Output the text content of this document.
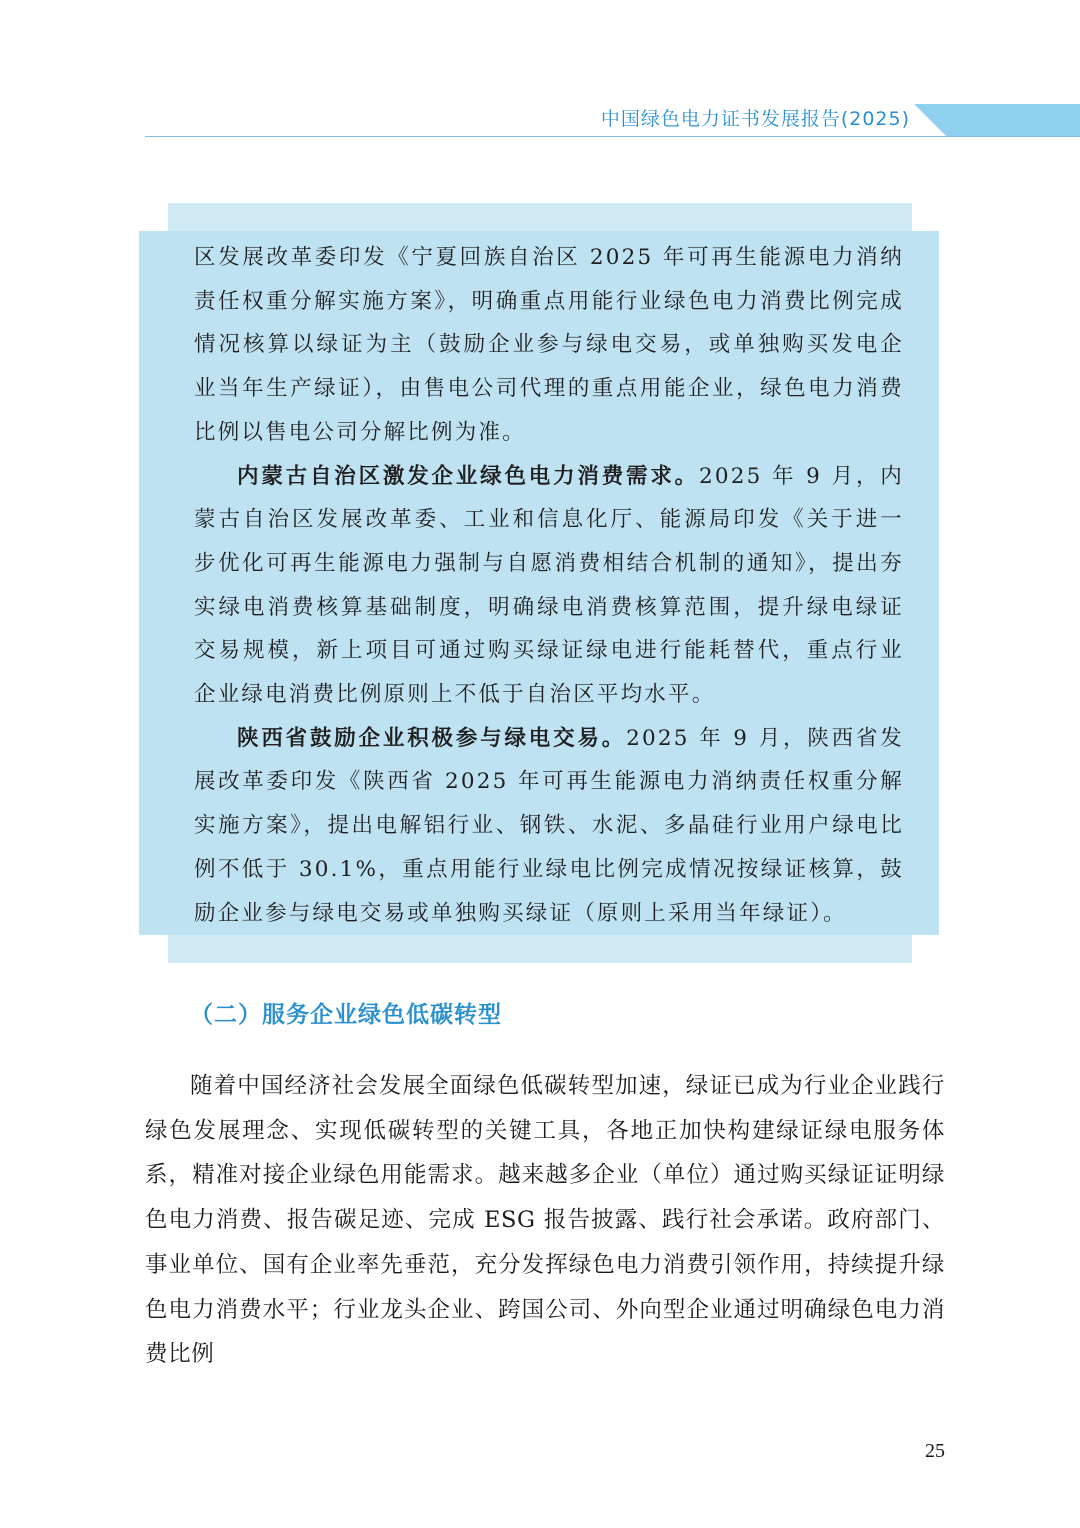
中国绿色电力证书发展报告(2025)

区发展改革委印发《宁夏回族自治区 2025 年可再生能源电力消纳责任权重分解实施方案》，明确重点用能行业绿色电力消费比例完成情况核算以绿证为主（鼓励企业参与绿电交易，或单独购买发电企业当年生产绿证），由售电公司代理的重点用能企业，绿色电力消费比例以售电公司分解比例为准。

内蒙古自治区激发企业绿色电力消费需求。2025 年 9 月，内蒙古自治区发展改革委、工业和信息化厅、能源局印发《关于进一步优化可再生能源电力强制与自愿消费相结合机制的通知》，提出夯实绿电消费核算基础制度，明确绿电消费核算范围，提升绿电绿证交易规模，新上项目可通过购买绿证绿电进行能耗替代，重点行业企业绿电消费比例原则上不低于自治区平均水平。

陕西省鼓励企业积极参与绿电交易。2025 年 9 月，陕西省发展改革委印发《陕西省 2025 年可再生能源电力消纳责任权重分解实施方案》，提出电解铝行业、钢铁、水泥、多晶硅行业用户绿电比例不低于 30.1%，重点用能行业绿电比例完成情况按绿证核算，鼓励企业参与绿电交易或单独购买绿证（原则上采用当年绿证）。

（二）服务企业绿色低碳转型
随着中国经济社会发展全面绿色低碳转型加速，绿证已成为行业企业践行绿色发展理念、实现低碳转型的关键工具，各地正加快构建绿证绿电服务体系，精准对接企业绿色用能需求。越来越多企业（单位）通过购买绿证证明绿色电力消费、报告碳足迹、完成 ESG 报告披露、践行社会承诺。政府部门、事业单位、国有企业率先垂范，充分发挥绿色电力消费引领作用，持续提升绿色电力消费水平；行业龙头企业、跨国公司、外向型企业通过明确绿色电力消费比例
25
